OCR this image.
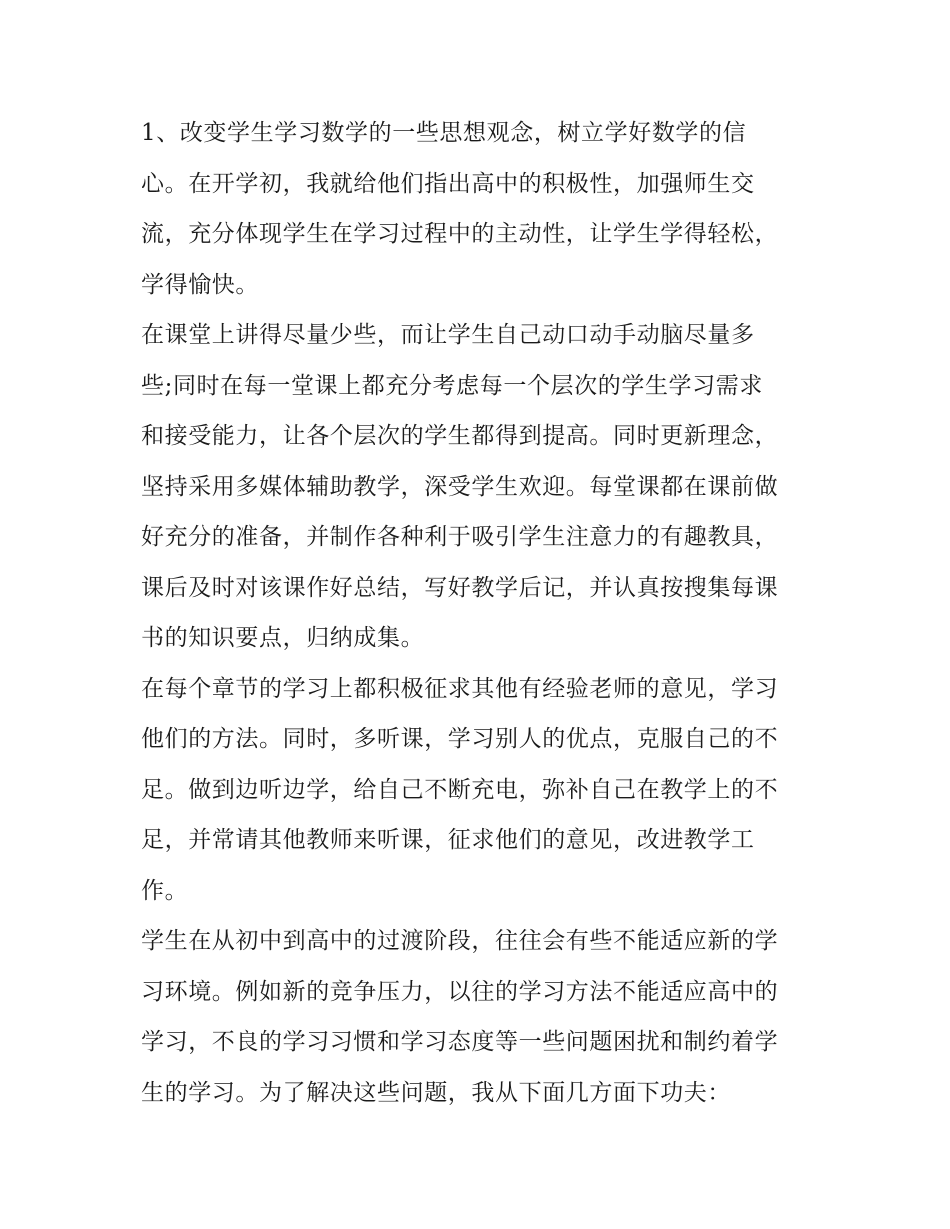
1、改变学生学习数学的一些思想观念，树立学好数学的信
心。在开学初，我就给他们指出高中的积极性，加强师生交
流，充分体现学生在学习过程中的主动性，让学生学得轻松，
学得愉快。
在课堂上讲得尽量少些，而让学生自己动口动手动脑尽量多
些;同时在每一堂课上都充分考虑每一个层次的学生学习需求
和接受能力，让各个层次的学生都得到提高。同时更新理念，
坚持采用多媒体辅助教学，深受学生欢迎。每堂课都在课前做
好充分的准备，并制作各种利于吸引学生注意力的有趣教具，
课后及时对该课作好总结，写好教学后记，并认真按搜集每课
书的知识要点，归纳成集。
在每个章节的学习上都积极征求其他有经验老师的意见，学习
他们的方法。同时，多听课，学习别人的优点，克服自己的不
足。做到边听边学，给自己不断充电，弥补自己在教学上的不
足，并常请其他教师来听课，征求他们的意见，改进教学工
作。
学生在从初中到高中的过渡阶段，往往会有些不能适应新的学
习环境。例如新的竞争压力，以往的学习方法不能适应高中的
学习，不良的学习习惯和学习态度等一些问题困扰和制约着学
生的学习。为了解决这些问题，我从下面几方面下功夫：
